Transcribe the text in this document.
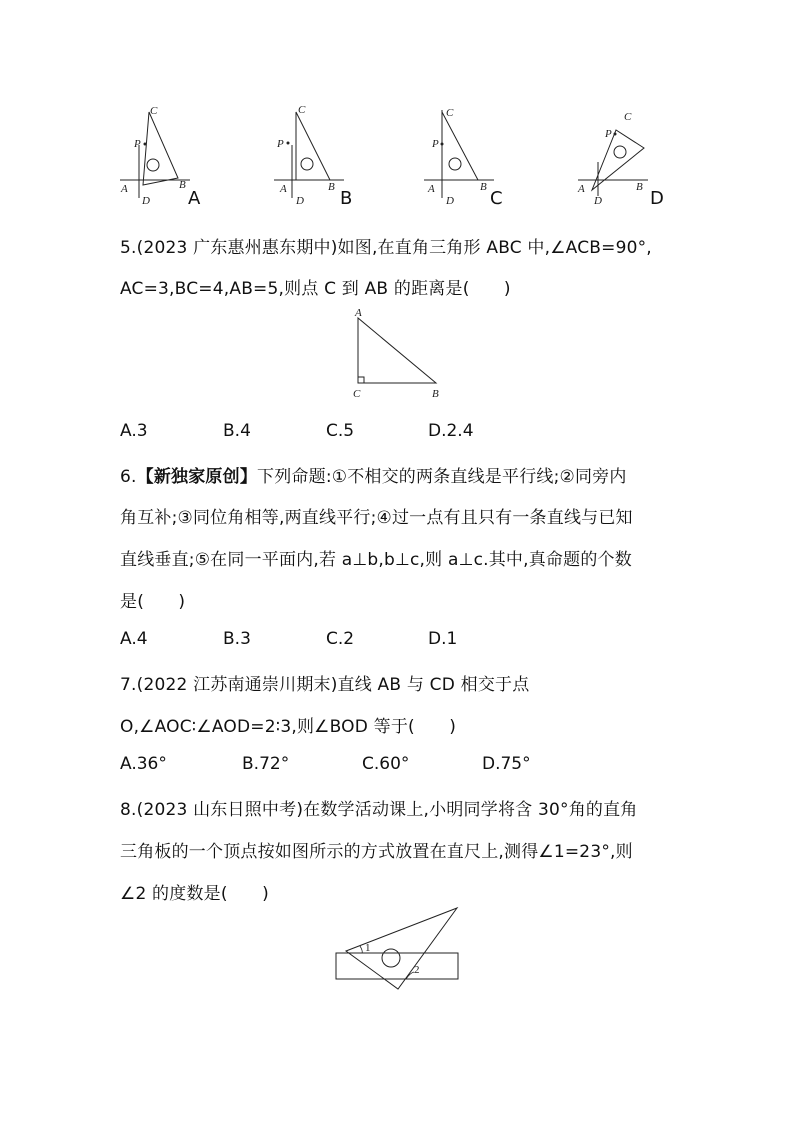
C
P
A	B
D A
C
P
A	B
D B
C
P
A	B
D C
C
P
A	B
D	D
5.(2023 广东惠州惠东期中)如图,在直角三角形 ABC 中,∠ACB=90°,
AC=3,BC=4,AB=5,则点 C 到 AB 的距离是(　　)
A
C	B
A.3	B.4	C.5	D.2.4
6.【新独家原创】下列命题:①不相交的两条直线是平行线;②同旁内
角互补;③同位角相等,两直线平行;④过一点有且只有一条直线与已知
直线垂直;⑤在同一平面内,若 a⊥b,b⊥c,则 a⊥c.其中,真命题的个数
是(　　)
A.4	B.3	C.2	D.1
7.(2022 江苏南通崇川期末)直线 AB 与 CD 相交于点
O,∠AOC∶∠AOD=2∶3,则∠BOD 等于(　　)
A.36°	B.72°	C.60°	D.75°
8.(2023 山东日照中考)在数学活动课上,小明同学将含 30°角的直角
三角板的一个顶点按如图所示的方式放置在直尺上,测得∠1=23°,则
∠2 的度数是(　　)
1
2
